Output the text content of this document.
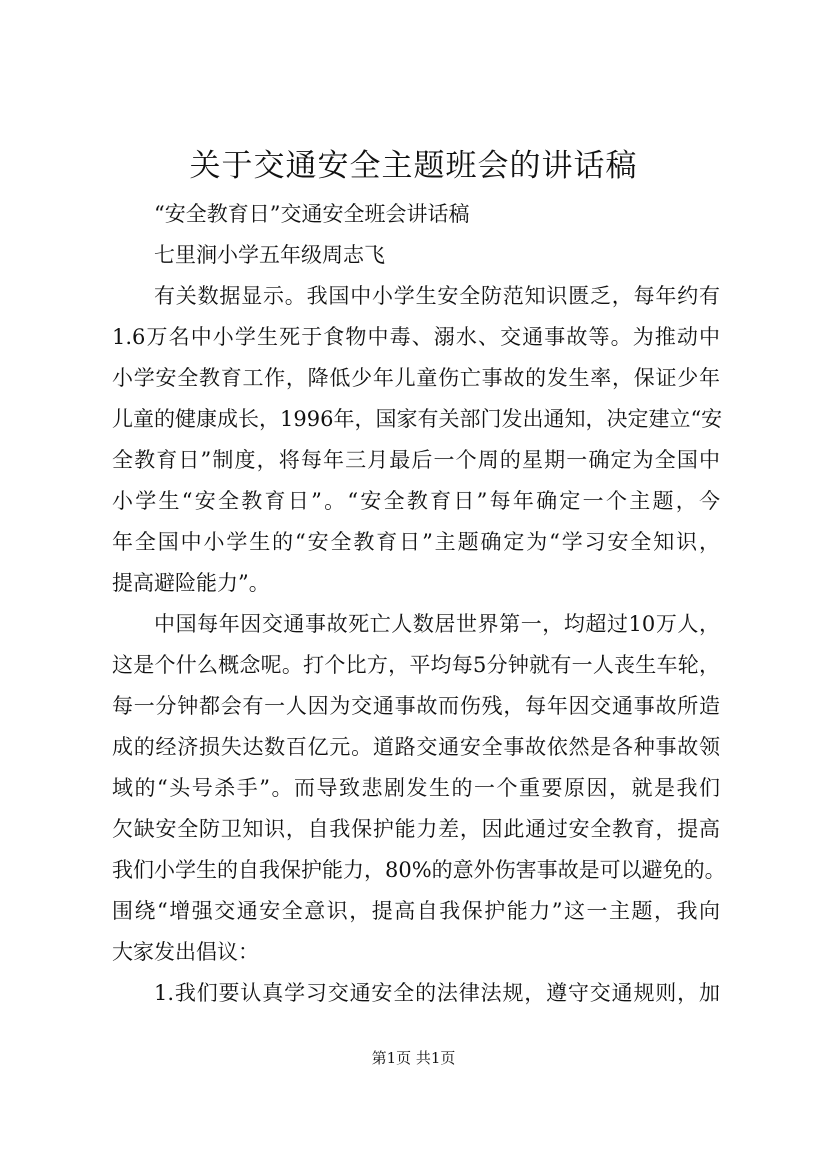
关于交通安全主题班会的讲话稿
“安全教育日”交通安全班会讲话稿
七里涧小学五年级周志飞
有关数据显示。我国中小学生安全防范知识匮乏，每年约有
1.6万名中小学生死于食物中毒、溺水、交通事故等。为推动中
小学安全教育工作，降低少年儿童伤亡事故的发生率，保证少年
儿童的健康成长，1996年，国家有关部门发出通知，决定建立“安
全教育日”制度，将每年三月最后一个周的星期一确定为全国中
小学生“安全教育日”。“安全教育日”每年确定一个主题，今
年全国中小学生的“安全教育日”主题确定为“学习安全知识，
提高避险能力”。
中国每年因交通事故死亡人数居世界第一，均超过10万人，
这是个什么概念呢。打个比方，平均每5分钟就有一人丧生车轮，
每一分钟都会有一人因为交通事故而伤残，每年因交通事故所造
成的经济损失达数百亿元。道路交通安全事故依然是各种事故领
域的“头号杀手”。而导致悲剧发生的一个重要原因，就是我们
欠缺安全防卫知识，自我保护能力差，因此通过安全教育，提高
我们小学生的自我保护能力，80%的意外伤害事故是可以避免的。
围绕“增强交通安全意识，提高自我保护能力”这一主题，我向
大家发出倡议：
1.我们要认真学习交通安全的法律法规，遵守交通规则，加
第1页 共1页
